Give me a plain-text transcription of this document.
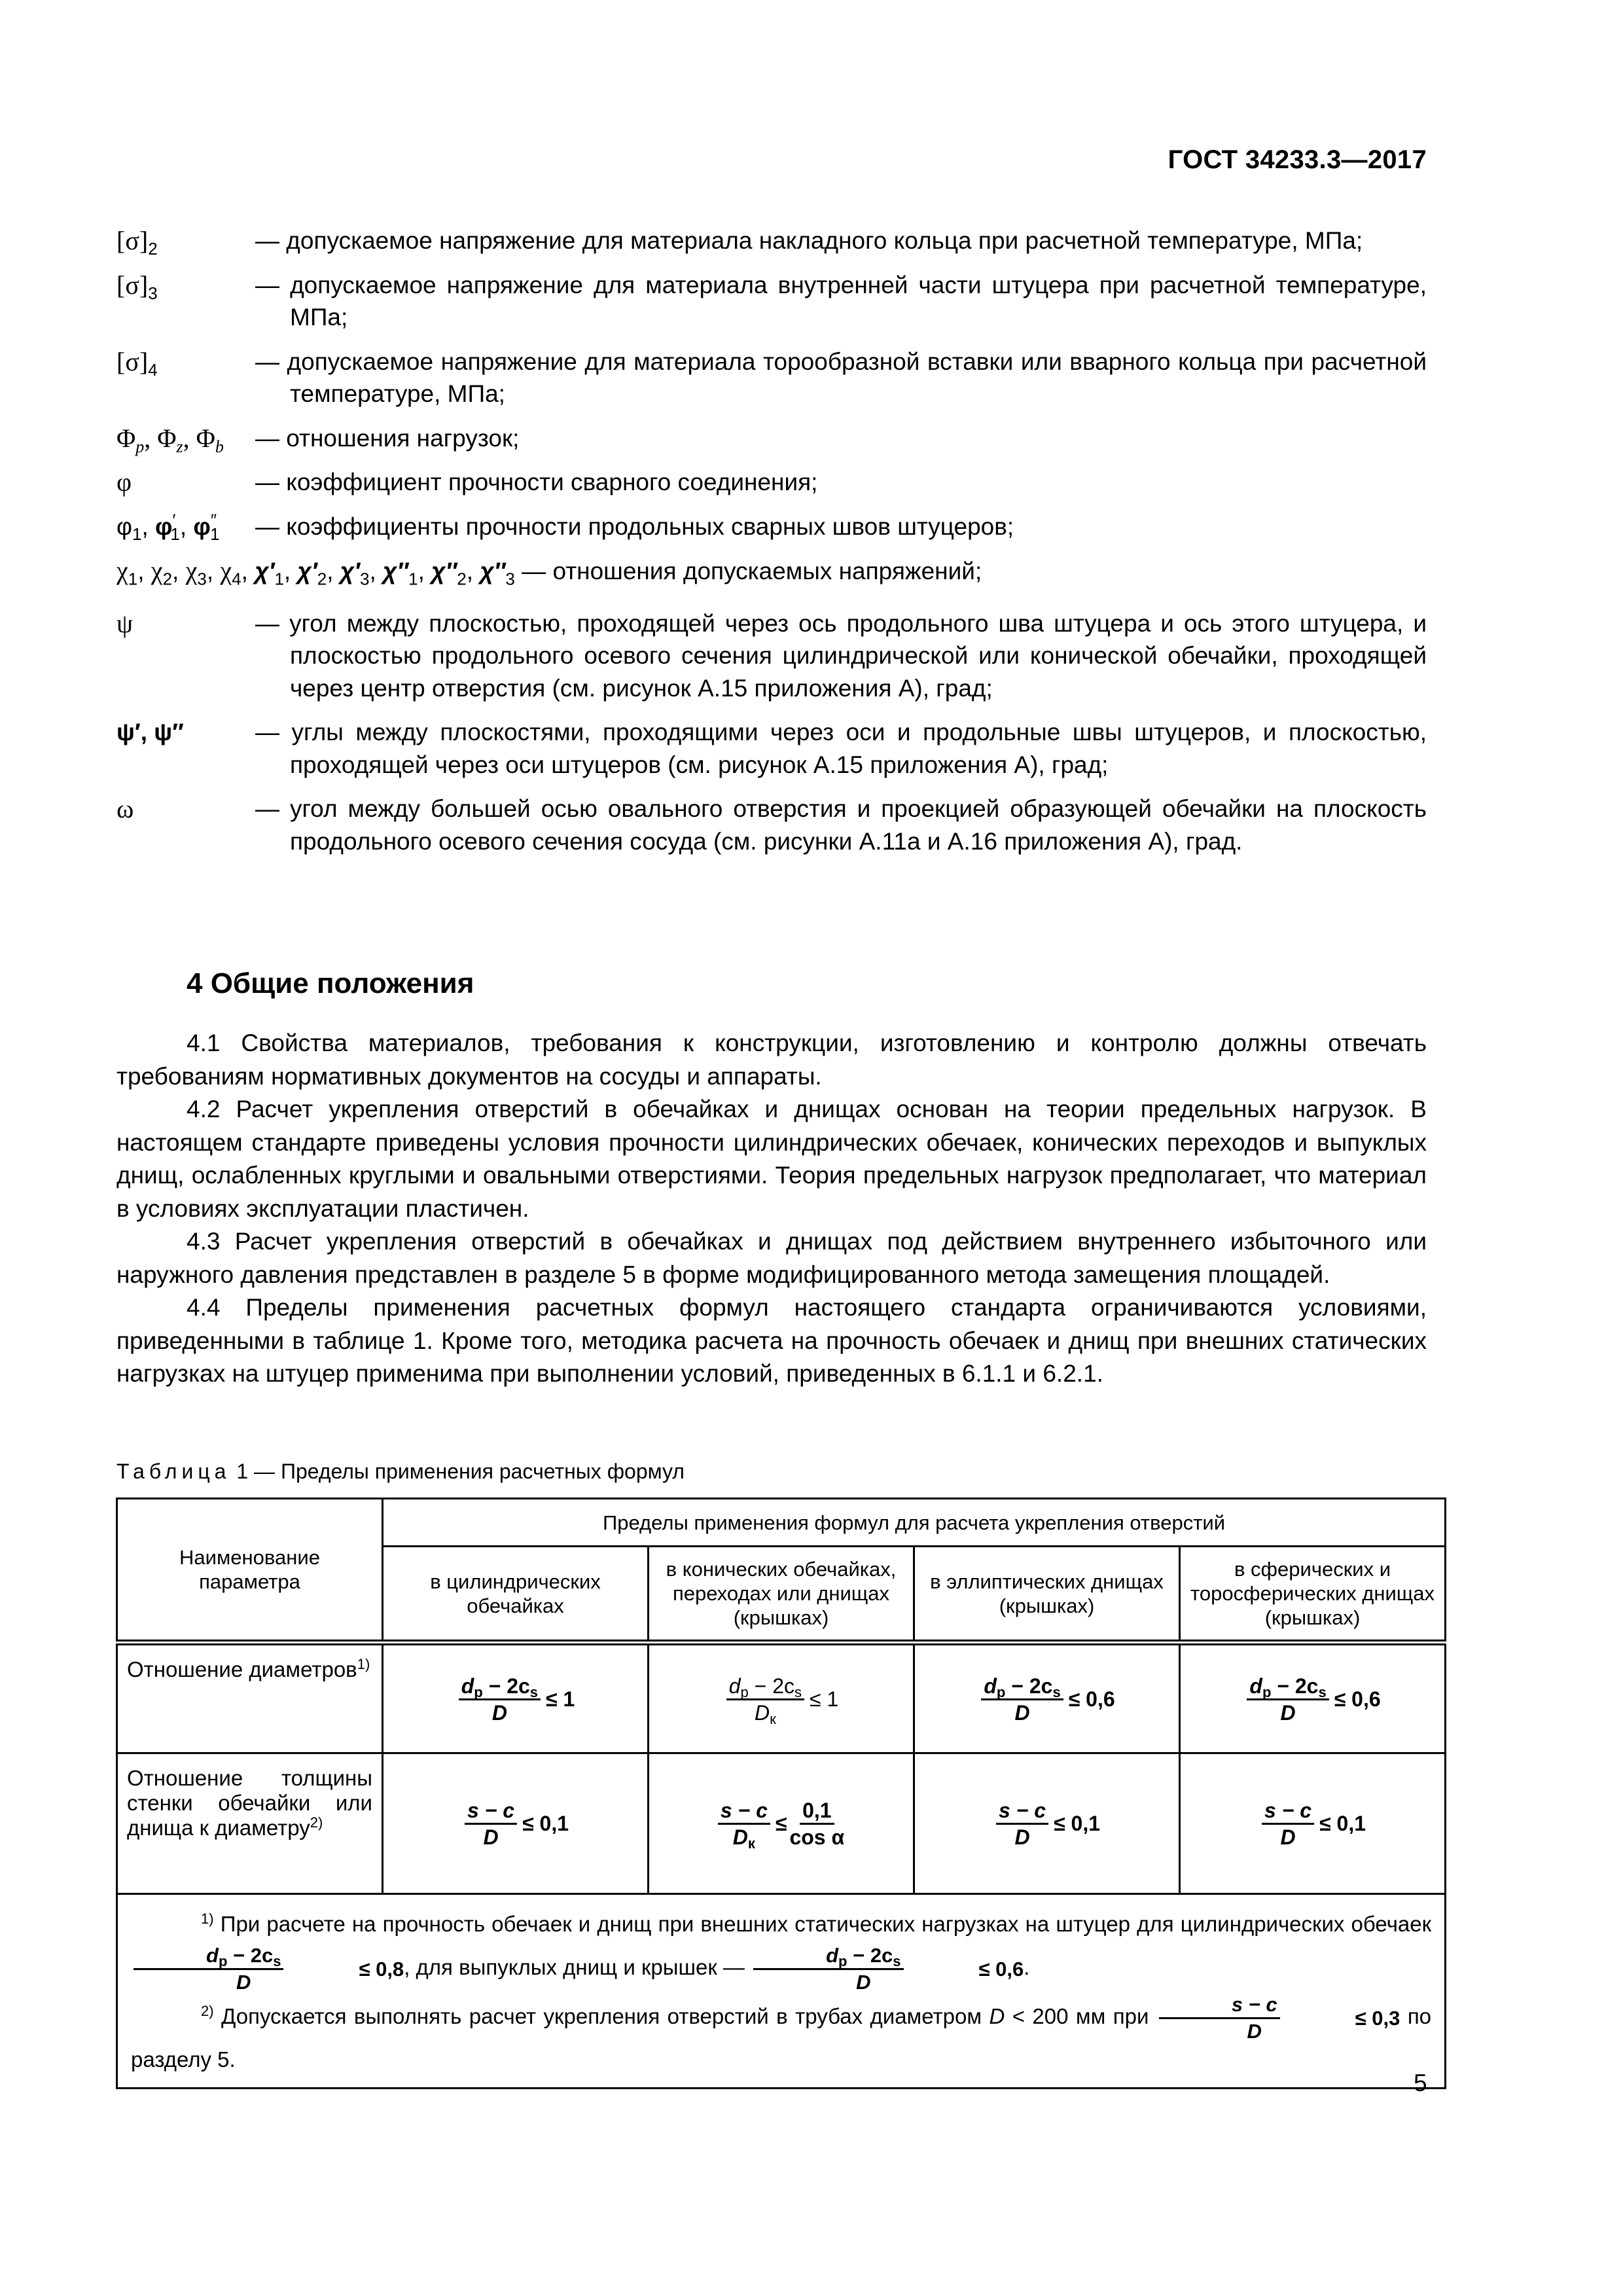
ГОСТ 34233.3—2017
$[\sigma]_2$	— допускаемое напряжение для материала накладного кольца при расчетной температуре, МПа;
$[\sigma]_3$	— допускаемое напряжение для материала внутренней части штуцера при расчетной температуре, МПа;
$[\sigma]_4$	— допускаемое напряжение для материала торообразной вставки или вварного кольца при расчетной температуре, МПа;
$\Phi_p$, $\Phi_z$, $\Phi_b$ — отношения нагрузок;
φ	— коэффициент прочности сварного соединения;
$\varphi_1$, $\varphi'_1$, $\varphi''_1$ — коэффициенты прочности продольных сварных швов штуцеров;
$\chi_1$, $\chi_2$, $\chi_3$, $\chi_4$, $\chi'_1$, $\chi'_2$, $\chi'_3$, $\chi''_1$, $\chi''_2$, $\chi''_3$ — отношения допускаемых напряжений;
ψ	— угол между плоскостью, проходящей через ось продольного шва штуцера и ось этого штуцера, и плоскостью продольного осевого сечения цилиндрической или конической обечайки, проходящей через центр отверстия (см. рисунок А.15 приложения А), град;
ψ′, ψ″	— углы между плоскостями, проходящими через оси и продольные швы штуцеров, и плоскостью, проходящей через оси штуцеров (см. рисунок А.15 приложения А), град;
ω	— угол между большей осью овального отверстия и проекцией образующей обечайки на плоскость продольного осевого сечения сосуда (см. рисунки А.11а и А.16 приложения А), град.
4 Общие положения

4.1 Свойства материалов, требования к конструкции, изготовлению и контролю должны отвечать требованиям нормативных документов на сосуды и аппараты.

4.2 Расчет укрепления отверстий в обечайках и днищах основан на теории предельных нагрузок. В настоящем стандарте приведены условия прочности цилиндрических обечаек, конических переходов и выпуклых днищ, ослабленных круглыми и овальными отверстиями. Теория предельных нагрузок предполагает, что материал в условиях эксплуатации пластичен.

4.3 Расчет укрепления отверстий в обечайках и днищах под действием внутреннего избыточного или наружного давления представлен в разделе 5 в форме модифицированного метода замещения площадей.

4.4 Пределы применения расчетных формул настоящего стандарта ограничиваются условиями, приведенными в таблице 1. Кроме того, методика расчета на прочность обечаек и днищ при внешних статических нагрузках на штуцер применима при выполнении условий, приведенных в 6.1.1 и 6.2.1.

Таблица 1 — Пределы применения расчетных формул
Наименование параметра	Пределы применения формул для расчета укрепления отверстий			
	в цилиндрических обечайках	в конических обечайках, переходах или днищах (крышках)	в эллиптических днищах (крышках)	в сферических и торосферических днищах (крышках)
Отношение диаметров$^{1)}$	$\frac{d_p - 2c_s}{D} \le 1$	$\frac{d_p - 2c_s}{D_к} \le 1$	$\frac{d_p - 2c_s}{D} \le 0,6$	$\frac{d_p - 2c_s}{D} \le 0,6$

Отношение толщины стенки обечайки или днища к диаметру$^{2)}$	$\frac{s - c}{D} \le 0,1$	$\frac{s - c}{D_к} \le \frac{0,1}{\text{cos α}}$	$\frac{s - c}{D} \le 0,1$	$\frac{s - c}{D} \le 0,1$

$^{1)}$ При расчете на прочность обечаек и днищ при внешних статических нагрузках на штуцер для цилиндрических обечаек
$\frac{d_p - 2c_s}{D}$	≤ 0,8 , для выпуклых днищ и крышек — $\frac{d_p - 2c_s}{D}$	≤ 0,6 .
$^{2)}$ Допускается выполнять расчет укрепления отверстий в трубах диаметром D < 200 мм при $\frac{s - c}{D}$	≤ 0,3 по разделу 5.
5
